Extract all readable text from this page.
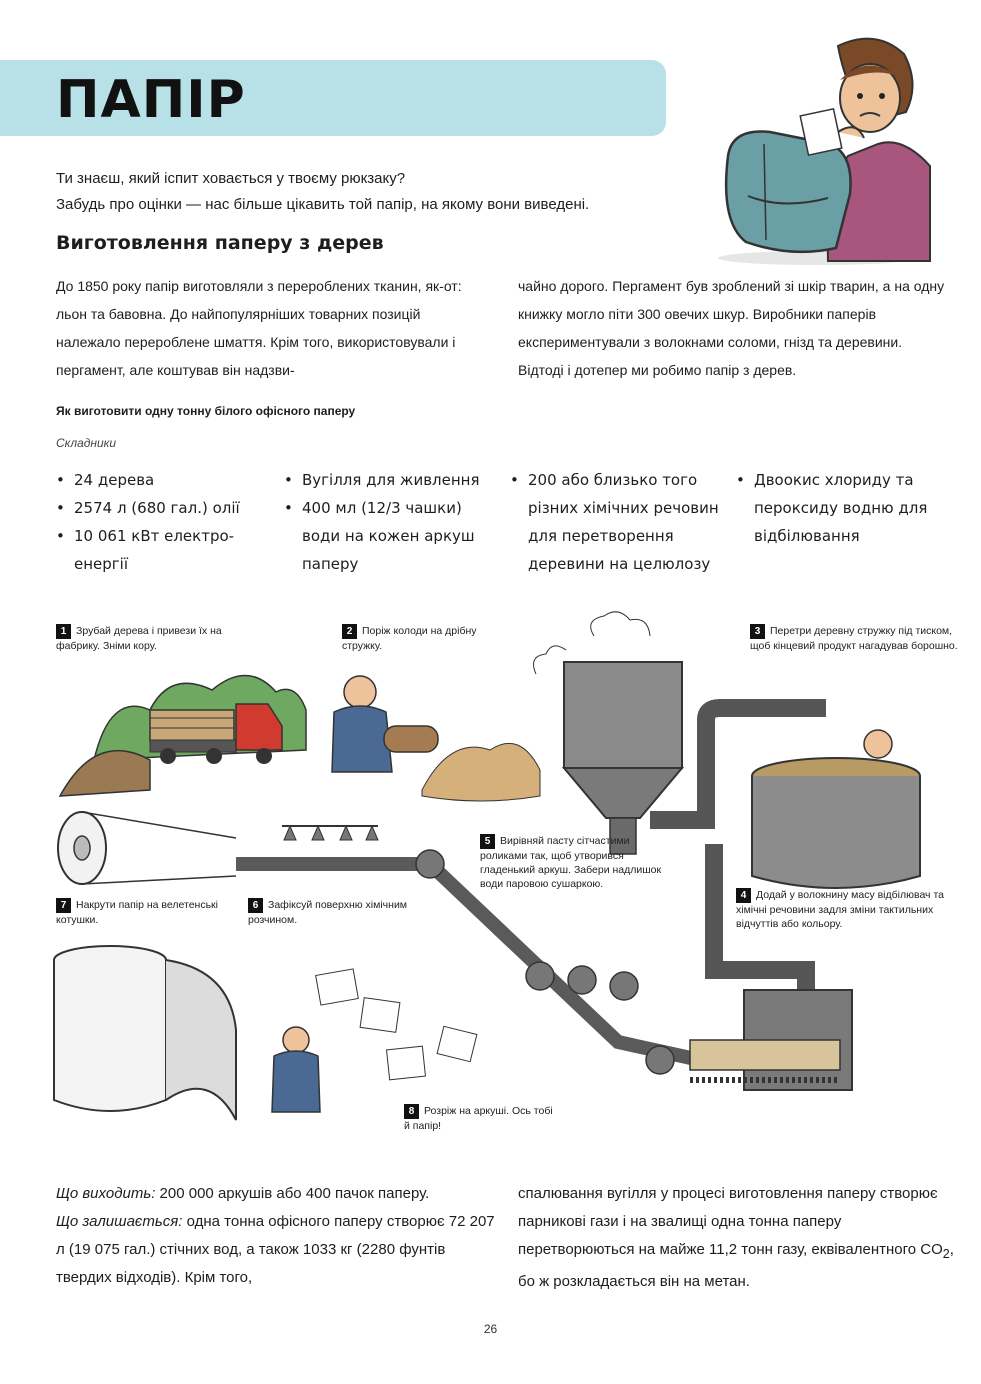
ПАПІР
Ти знаєш, який іспит ховається у твоєму рюкзаку?
Забудь про оцінки — нас більше цікавить той папір, на якому вони виведені.
Виготовлення паперу з дерев
До 1850 року папір виготовляли з перероблених тканин, як-от: льон та бавовна. До найпопулярніших товарних позицій належало перероблене шмаття. Крім того, використовували і пергамент, але коштував він надзви-
чайно дорого. Пергамент був зроблений зі шкір тварин, а на одну книжку могло піти 300 овечих шкур. Виробники паперів експериментували з волокнами соломи, гнізд та деревини. Відтоді і дотепер ми робимо папір з дерев.
Як виготовити одну тонну білого офісного паперу
Складники
• 24 дерева
• 2574 л (680 гал.) олії
• 10 061 кВт електро-енергії
• Вугілля для живлення
• 400 мл (12/3 чашки) води на кожен аркуш паперу
• 200 або близько того різних хімічних речовин для перетворення деревини на целюлозу
• Двоокис хлориду та пероксиду водню для відбілювання
1 Зрубай дерева і привези їх на фабрику. Зніми кору.
2 Поріж колоди на дрібну стружку.
3 Перетри деревну стружку під тиском, щоб кінцевий продукт нагадував борошно.
4 Додай у волокнину масу відбілювач та хімічні речовини задля зміни тактильних відчуттів або кольору.
5 Вирівняй пасту сітчастими роликами так, щоб утворився гладенький аркуш. Забери надлишок води паровою сушаркою.
6 Зафіксуй поверхню хімічним розчином.
7 Накрути папір на велетенські котушки.
8 Розріж на аркуші. Ось тобі й папір!
Що виходить: 200 000 аркушів або 400 пачок паперу.
Що залишається: одна тонна офісного паперу створює 72 207 л (19 075 гал.) стічних вод, а також 1033 кг (2280 фунтів твердих відходів). Крім того,
спалювання вугілля у процесі виготовлення паперу створює парникові гази і на звалищі одна тонна паперу перетворюються на майже 11,2 тонн газу, еквівалентного $CO_2$, бо ж розкладається він на метан.
26
